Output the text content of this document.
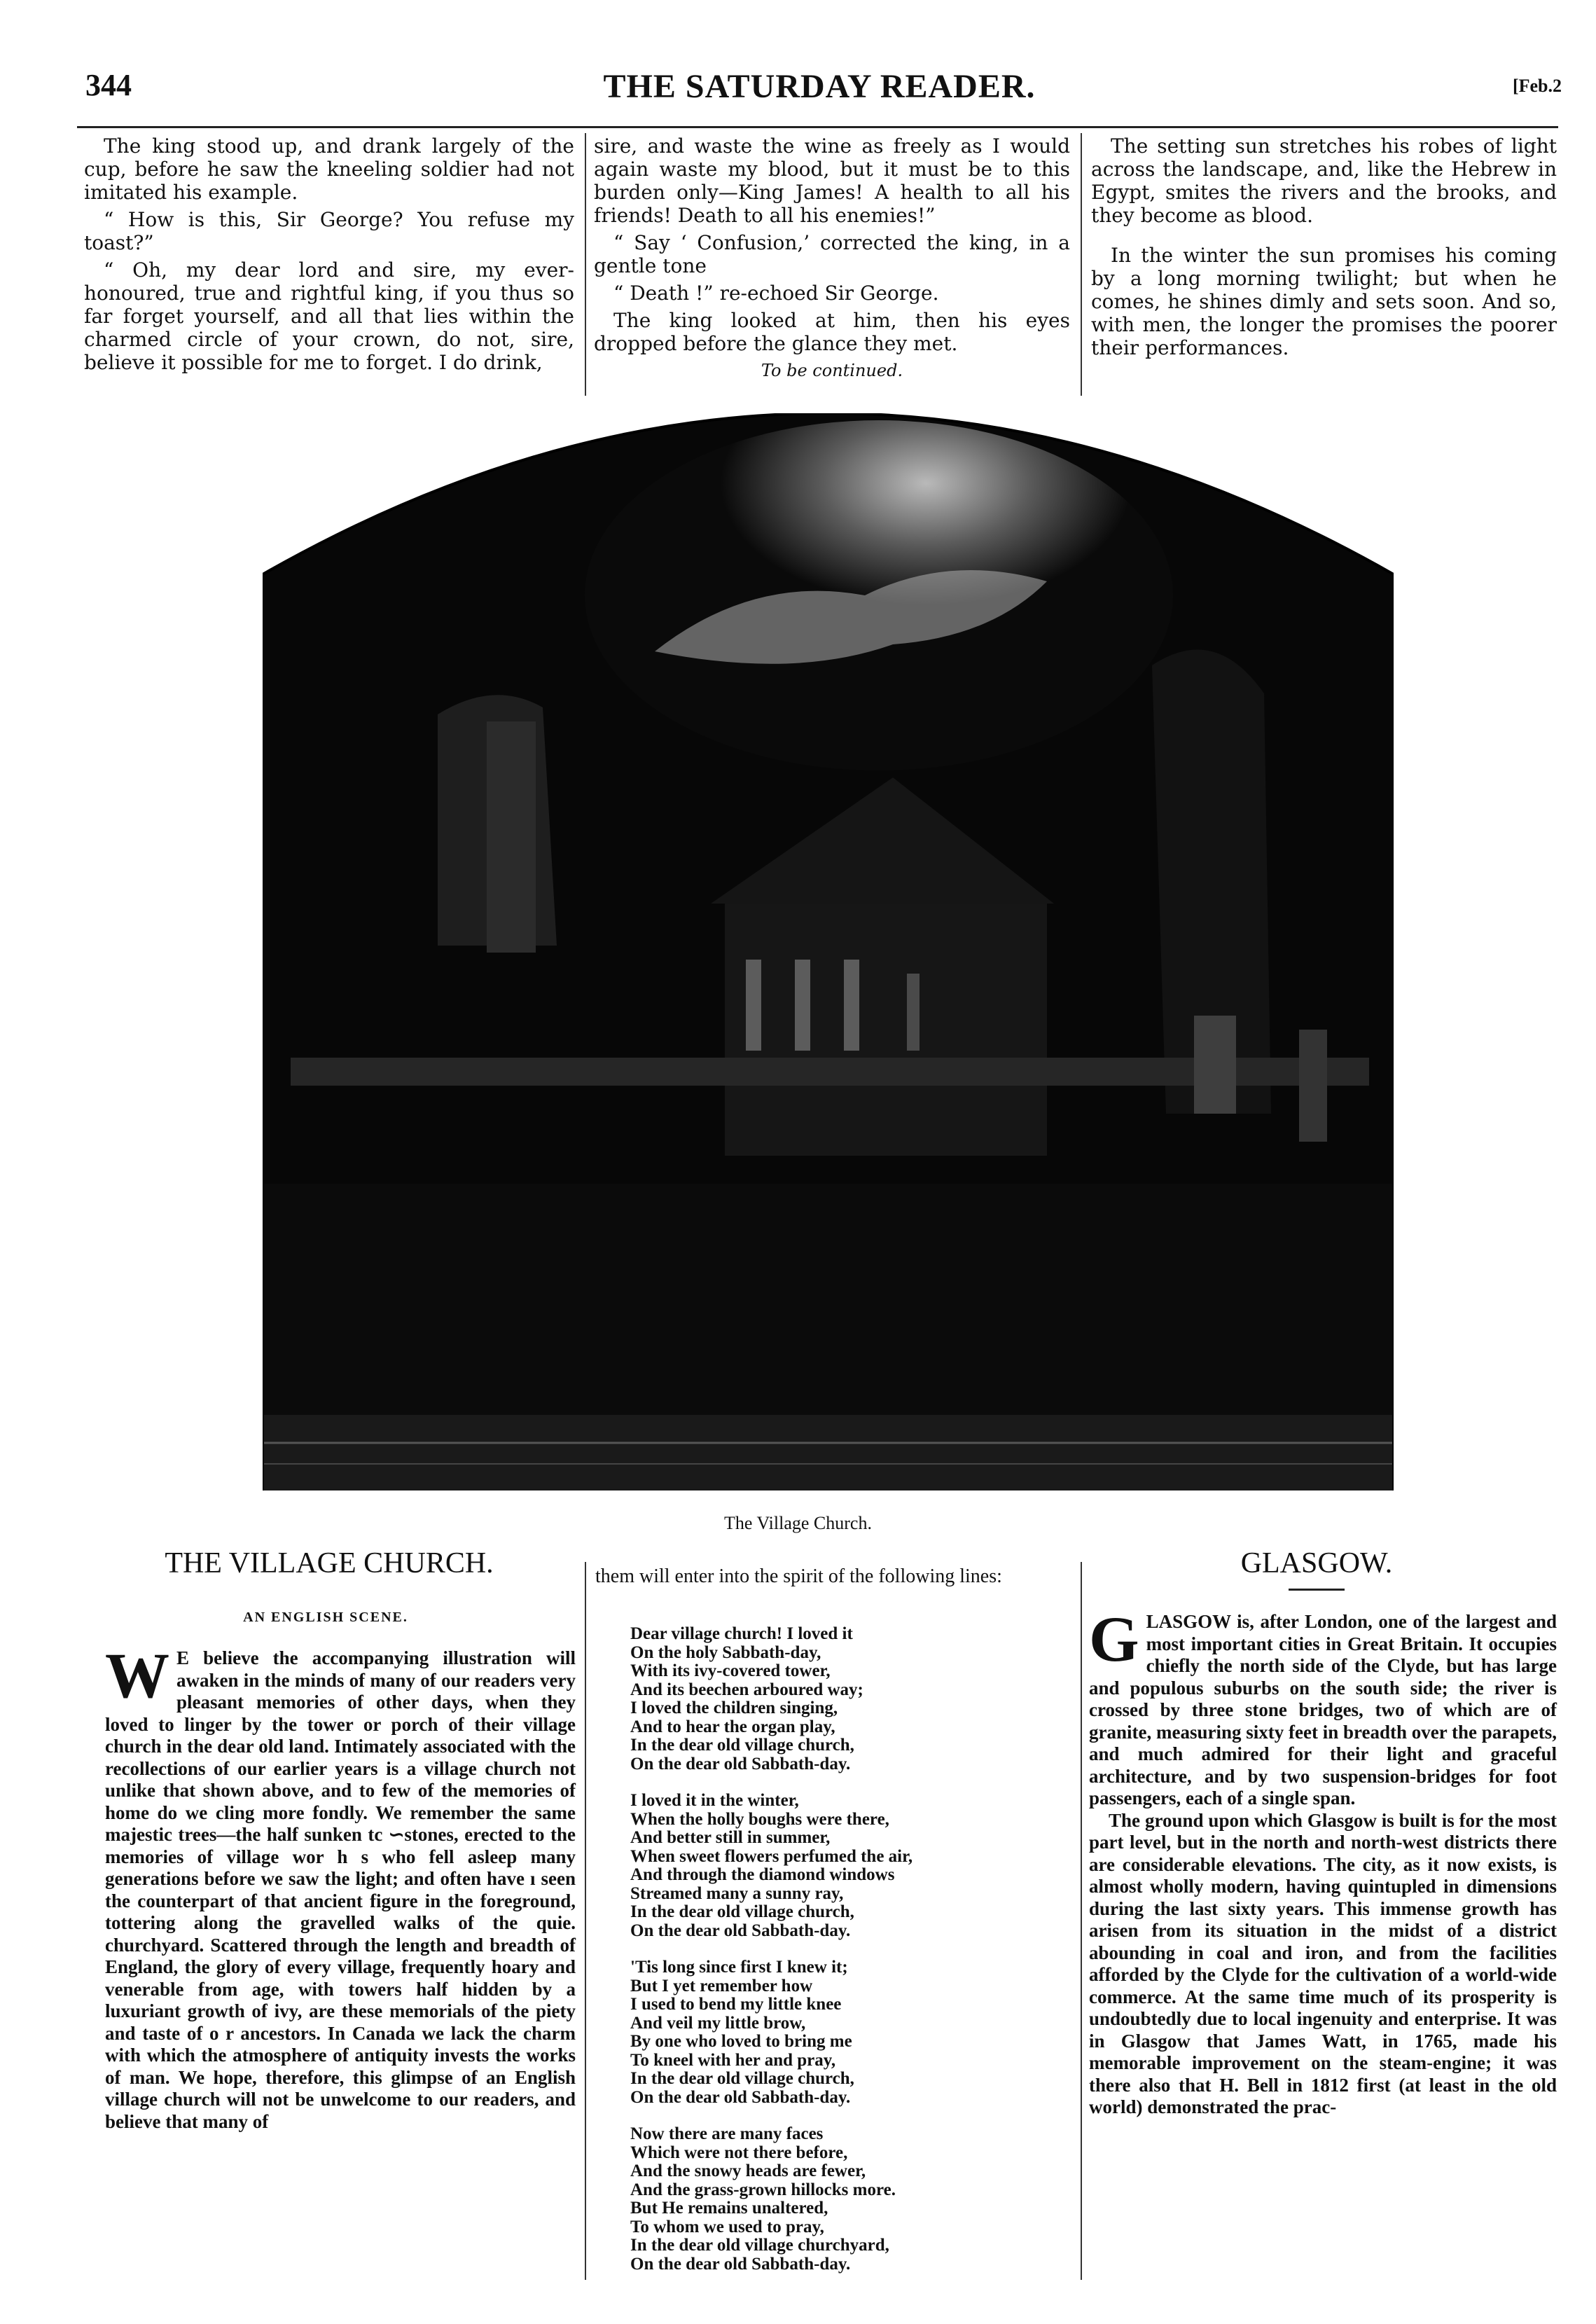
344	THE SATURDAY READER.	[Feb.2

The king stood up, and drank largely of the cup, before he saw the kneeling soldier had not imitated his example.

“ How is this, Sir George? You refuse my toast?”

“ Oh, my dear lord and sire, my ever-honoured, true and rightful king, if you thus so far forget yourself, and all that lies within the charmed circle of your crown, do not, sire, believe it possible for me to forget. I do drink,

sire, and waste the wine as freely as I would again waste my blood, but it must be to this burden only—King James! A health to all his friends! Death to all his enemies!”

“ Say ‘ Confusion,’ corrected the king, in a gentle tone

“ Death !” re-echoed Sir George.

The king looked at him, then his eyes dropped before the glance they met.

To be continued.

The setting sun stretches his robes of light across the landscape, and, like the Hebrew in Egypt, smites the rivers and the brooks, and they become as blood.

In the winter the sun promises his coming by a long morning twilight; but when he comes, he shines dimly and sets soon. And so, with men, the longer the promises the poorer their performances.

The Village Church.
THE VILLAGE CHURCH.
AN ENGLISH SCENE.

W E believe the accompanying illustration will awaken in the minds of many of our readers very pleasant memories of other days, when they loved to linger by the tower or porch of their village church in the dear old land. Intimately associated with the recollections of our earlier years is a village church not unlike that shown above, and to few of the memories of home do we cling more fondly. We remember the same majestic trees—the half sunken tc ∽stones, erected to the memories of village wor h s who fell asleep many generations before we saw the light; and often have ı seen the counterpart of that ancient figure in the foreground, tottering along the gravelled walks of the quie. churchyard. Scattered through the length and breadth of England, the glory of every village, frequently hoary and venerable from age, with towers half hidden by a luxuriant growth of ivy, are these memorials of the piety and taste of o r ancestors. In Canada we lack the charm with which the atmosphere of antiquity invests the works of man. We hope, therefore, this glimpse of an English village church will not be unwelcome to our readers, and believe that many of

them will enter into the spirit of the following lines:
Dear village church! I loved it
On the holy Sabbath-day,
With its ivy-covered tower,
And its beechen arboured way;
I loved the children singing,
And to hear the organ play,
In the dear old village church,
On the dear old Sabbath-day.
I loved it in the winter,
When the holly boughs were there,
And better still in summer,
When sweet flowers perfumed the air,
And through the diamond windows
Streamed many a sunny ray,
In the dear old village church,
On the dear old Sabbath-day.
'Tis long since first I knew it;
But I yet remember how
I used to bend my little knee
And veil my little brow,
By one who loved to bring me
To kneel with her and pray,
In the dear old village church,
On the dear old Sabbath-day.
Now there are many faces
Which were not there before,
And the snowy heads are fewer,
And the grass-grown hillocks more.
But He remains unaltered,
To whom we used to pray,
In the dear old village churchyard,
On the dear old Sabbath-day.
GLASGOW.

G LASGOW is, after London, one of the largest and most important cities in Great Britain. It occupies chiefly the north side of the Clyde, but has large and populous suburbs on the south side; the river is crossed by three stone bridges, two of which are of granite, measuring sixty feet in breadth over the parapets, and much admired for their light and graceful architecture, and by two suspension-bridges for foot passengers, each of a single span.

The ground upon which Glasgow is built is for the most part level, but in the north and north-west districts there are considerable elevations. The city, as it now exists, is almost wholly modern, having quintupled in dimensions during the last sixty years. This immense growth has arisen from its situation in the midst of a district abounding in coal and iron, and from the facilities afforded by the Clyde for the cultivation of a world-wide commerce. At the same time much of its prosperity is undoubtedly due to local ingenuity and enterprise. It was in Glasgow that James Watt, in 1765, made his memorable improvement on the steam-engine; it was there also that H. Bell in 1812 first (at least in the old world) demonstrated the prac-
